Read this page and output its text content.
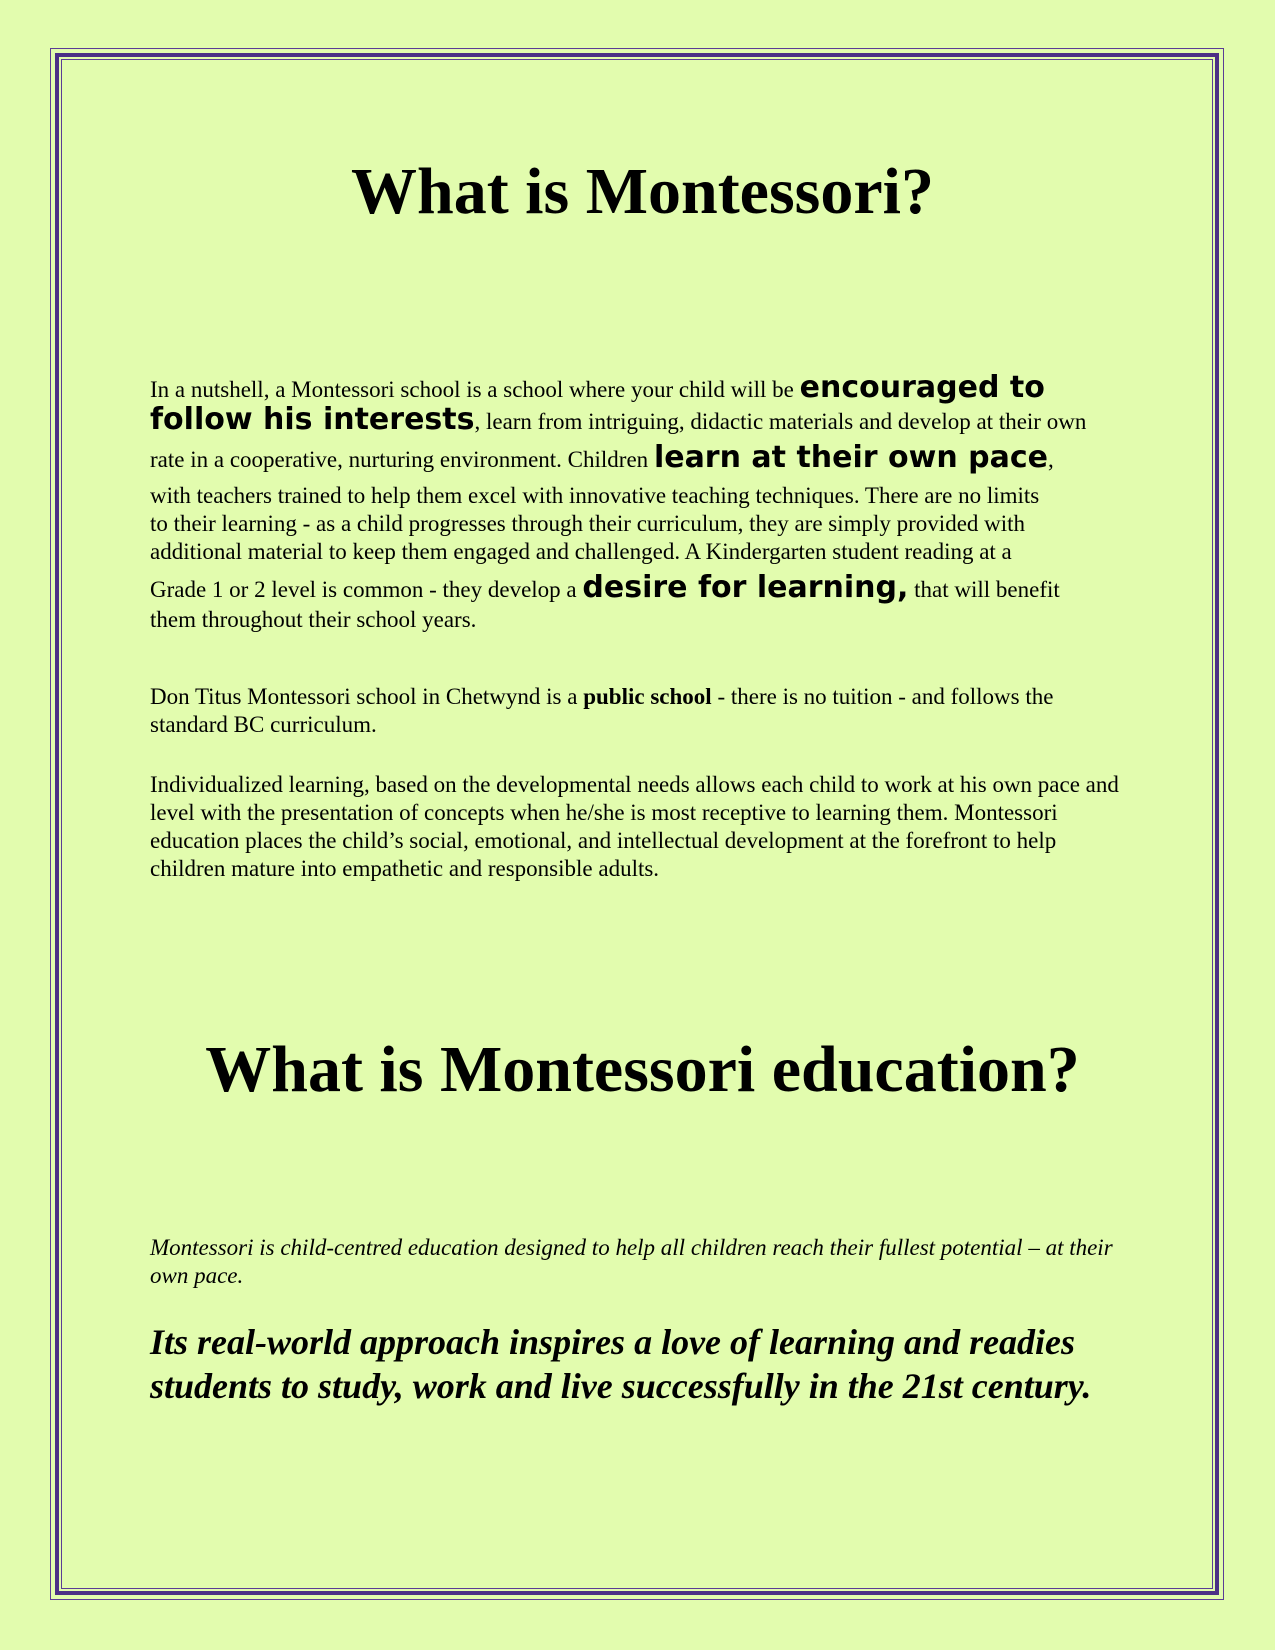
What is Montessori?

In a nutshell, a Montessori school is a school where your child will be encouraged to
follow his interests, learn from intriguing, didactic materials and develop at their own
rate in a cooperative, nurturing environment. Children learn at their own pace,
with teachers trained to help them excel with innovative teaching techniques. There are no limits
to their learning - as a child progresses through their curriculum, they are simply provided with
additional material to keep them engaged and challenged. A Kindergarten student reading at a
Grade 1 or 2 level is common - they develop a desire for learning, that will benefit
them throughout their school years.

Don Titus Montessori school in Chetwynd is a public school - there is no tuition - and follows the standard BC curriculum.

Individualized learning, based on the developmental needs allows each child to work at his own pace and level with the presentation of concepts when he/she is most receptive to learning them. Montessori education places the child’s social, emotional, and intellectual development at the forefront to help children mature into empathetic and responsible adults.

What is Montessori education?

Montessori is child-centred education designed to help all children reach their fullest potential – at their own pace.

Its real-world approach inspires a love of learning and readies students to study, work and live successfully in the 21st century.
